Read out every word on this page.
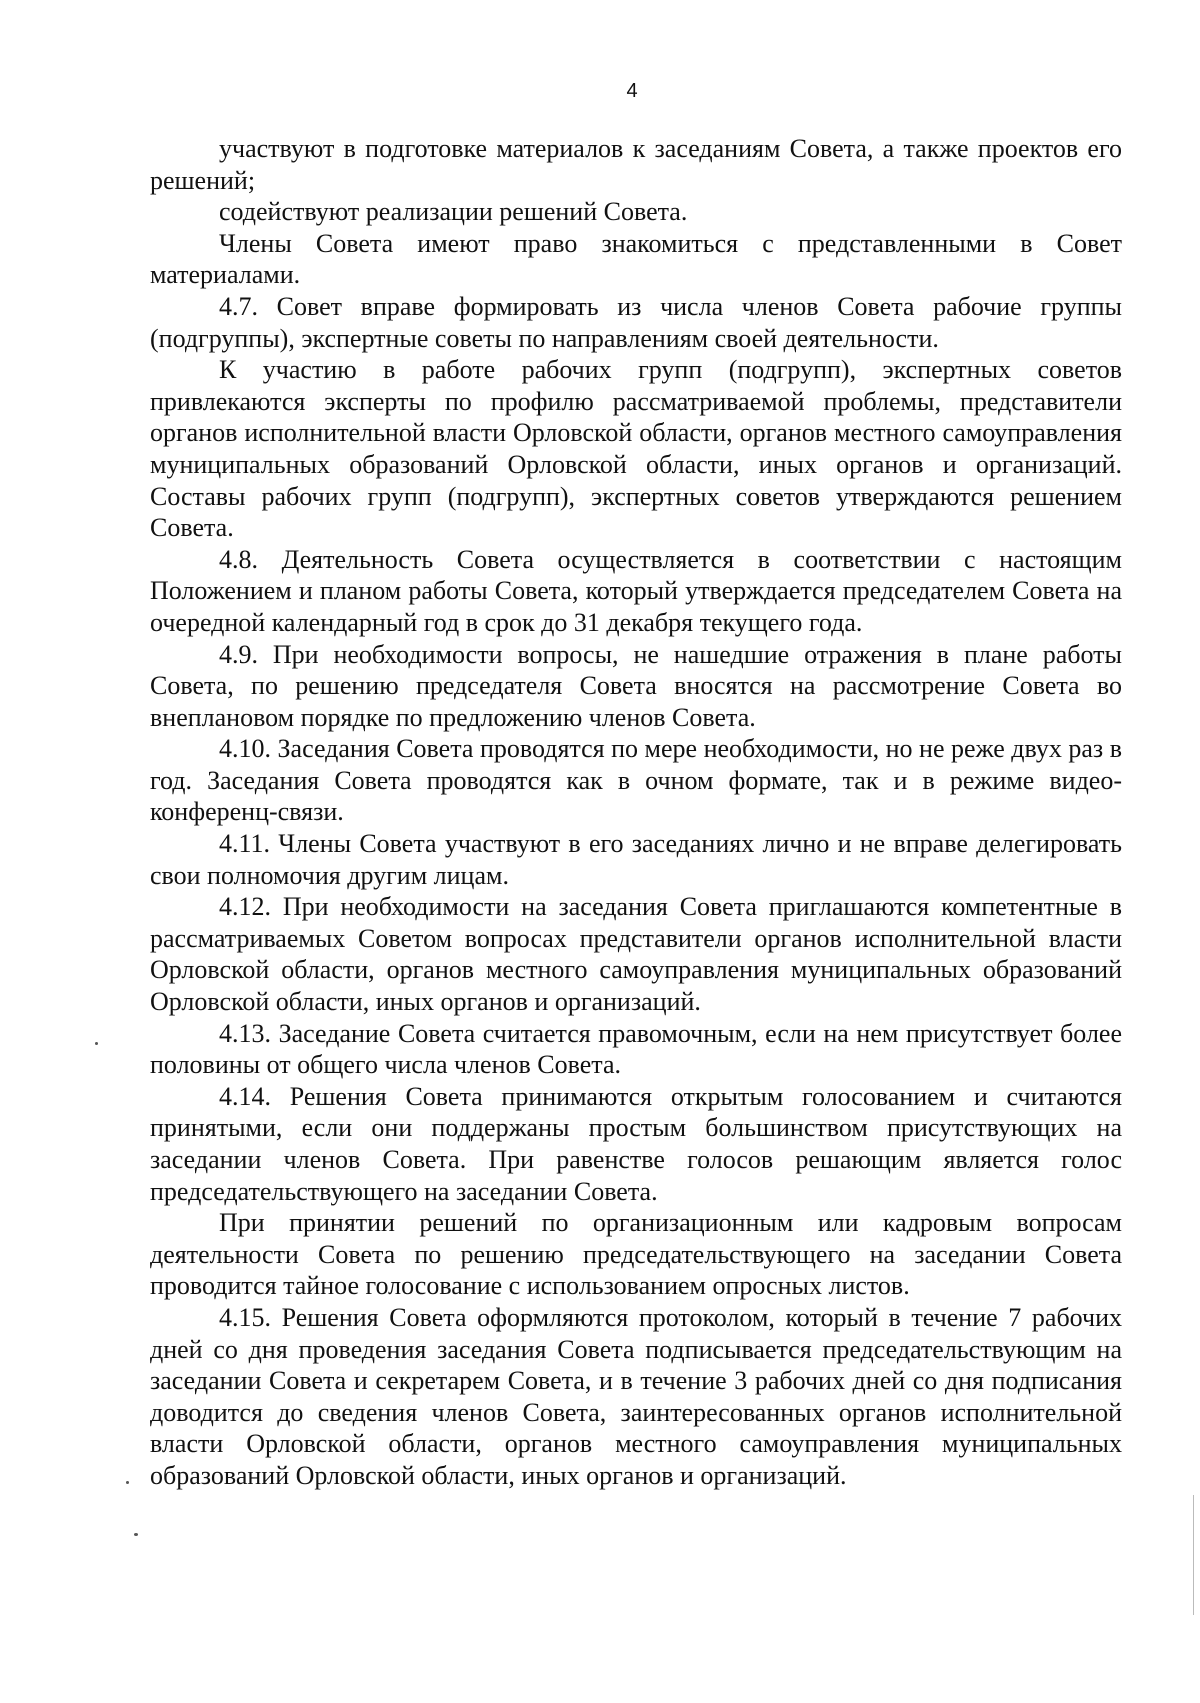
4

участвуют в подготовке материалов к заседаниям Совета, а также проектов его решений;

содействуют реализации решений Совета.

Члены Совета имеют право знакомиться с представленными в Совет материалами.

4.7. Совет вправе формировать из числа членов Совета рабочие группы (подгруппы), экспертные советы по направлениям своей деятельности.

К участию в работе рабочих групп (подгрупп), экспертных советов привлекаются эксперты по профилю рассматриваемой проблемы, представители органов исполнительной власти Орловской области, органов местного самоуправления муниципальных образований Орловской области, иных органов и организаций. Составы рабочих групп (подгрупп), экспертных советов утверждаются решением Совета.

4.8. Деятельность Совета осуществляется в соответствии с настоящим Положением и планом работы Совета, который утверждается председателем Совета на очередной календарный год в срок до 31 декабря текущего года.

4.9. При необходимости вопросы, не нашедшие отражения в плане работы Совета, по решению председателя Совета вносятся на рассмотрение Совета во внеплановом порядке по предложению членов Совета.

4.10. Заседания Совета проводятся по мере необходимости, но не реже двух раз в год. Заседания Совета проводятся как в очном формате, так и в режиме видео-конференц-связи.

4.11. Члены Совета участвуют в его заседаниях лично и не вправе делегировать свои полномочия другим лицам.

4.12. При необходимости на заседания Совета приглашаются компетентные в рассматриваемых Советом вопросах представители органов исполнительной власти Орловской области, органов местного самоуправления муниципальных образований Орловской области, иных органов и организаций.

4.13. Заседание Совета считается правомочным, если на нем присутствует более половины от общего числа членов Совета.

4.14. Решения Совета принимаются открытым голосованием и считаются принятыми, если они поддержаны простым большинством присутствующих на заседании членов Совета. При равенстве голосов решающим является голос председательствующего на заседании Совета.

При принятии решений по организационным или кадровым вопросам деятельности Совета по решению председательствующего на заседании Совета проводится тайное голосование с использованием опросных листов.

4.15. Решения Совета оформляются протоколом, который в течение 7 рабочих дней со дня проведения заседания Совета подписывается председательствующим на заседании Совета и секретарем Совета, и в течение 3 рабочих дней со дня подписания доводится до сведения членов Совета, заинтересованных органов исполнительной власти Орловской области, органов местного самоуправления муниципальных образований Орловской области, иных органов и организаций.
